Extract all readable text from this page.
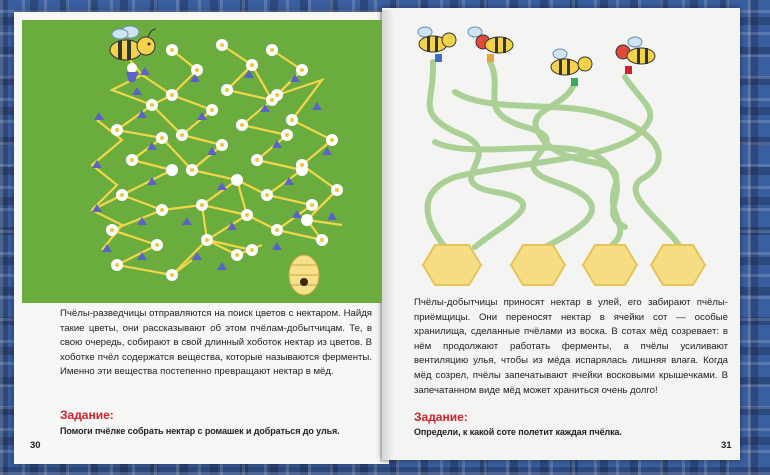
Пчёлы-разведчицы отправляются на поиск цветов с нектаром. Найдя такие цветы, они рассказывают об этом пчёлам-добытчицам. Те, в свою очередь, собирают в свой длинный хоботок нектар из цветов. В хоботке пчёл содержатся вещества, которые называются ферменты. Именно эти вещества постепенно превращают нектар в мёд.
Задание:
Помоги пчёлке собрать нектар с ромашек и добраться до улья.
30
Пчёлы-добытчицы приносят нектар в улей, его забирают пчёлы-приёмщицы. Они переносят нектар в ячейки сот — особые хранилища, сделанные пчёлами из воска. В сотах мёд созревает: в нём продолжают работать ферменты, а пчёлы усиливают вентиляцию улья, чтобы из мёда испарялась лишняя влага. Когда мёд созрел, пчёлы запечатывают ячейки восковыми крышечками. В запечатанном виде мёд может храниться очень долго!
Задание:
Определи, к какой соте полетит каждая пчёлка.
31
